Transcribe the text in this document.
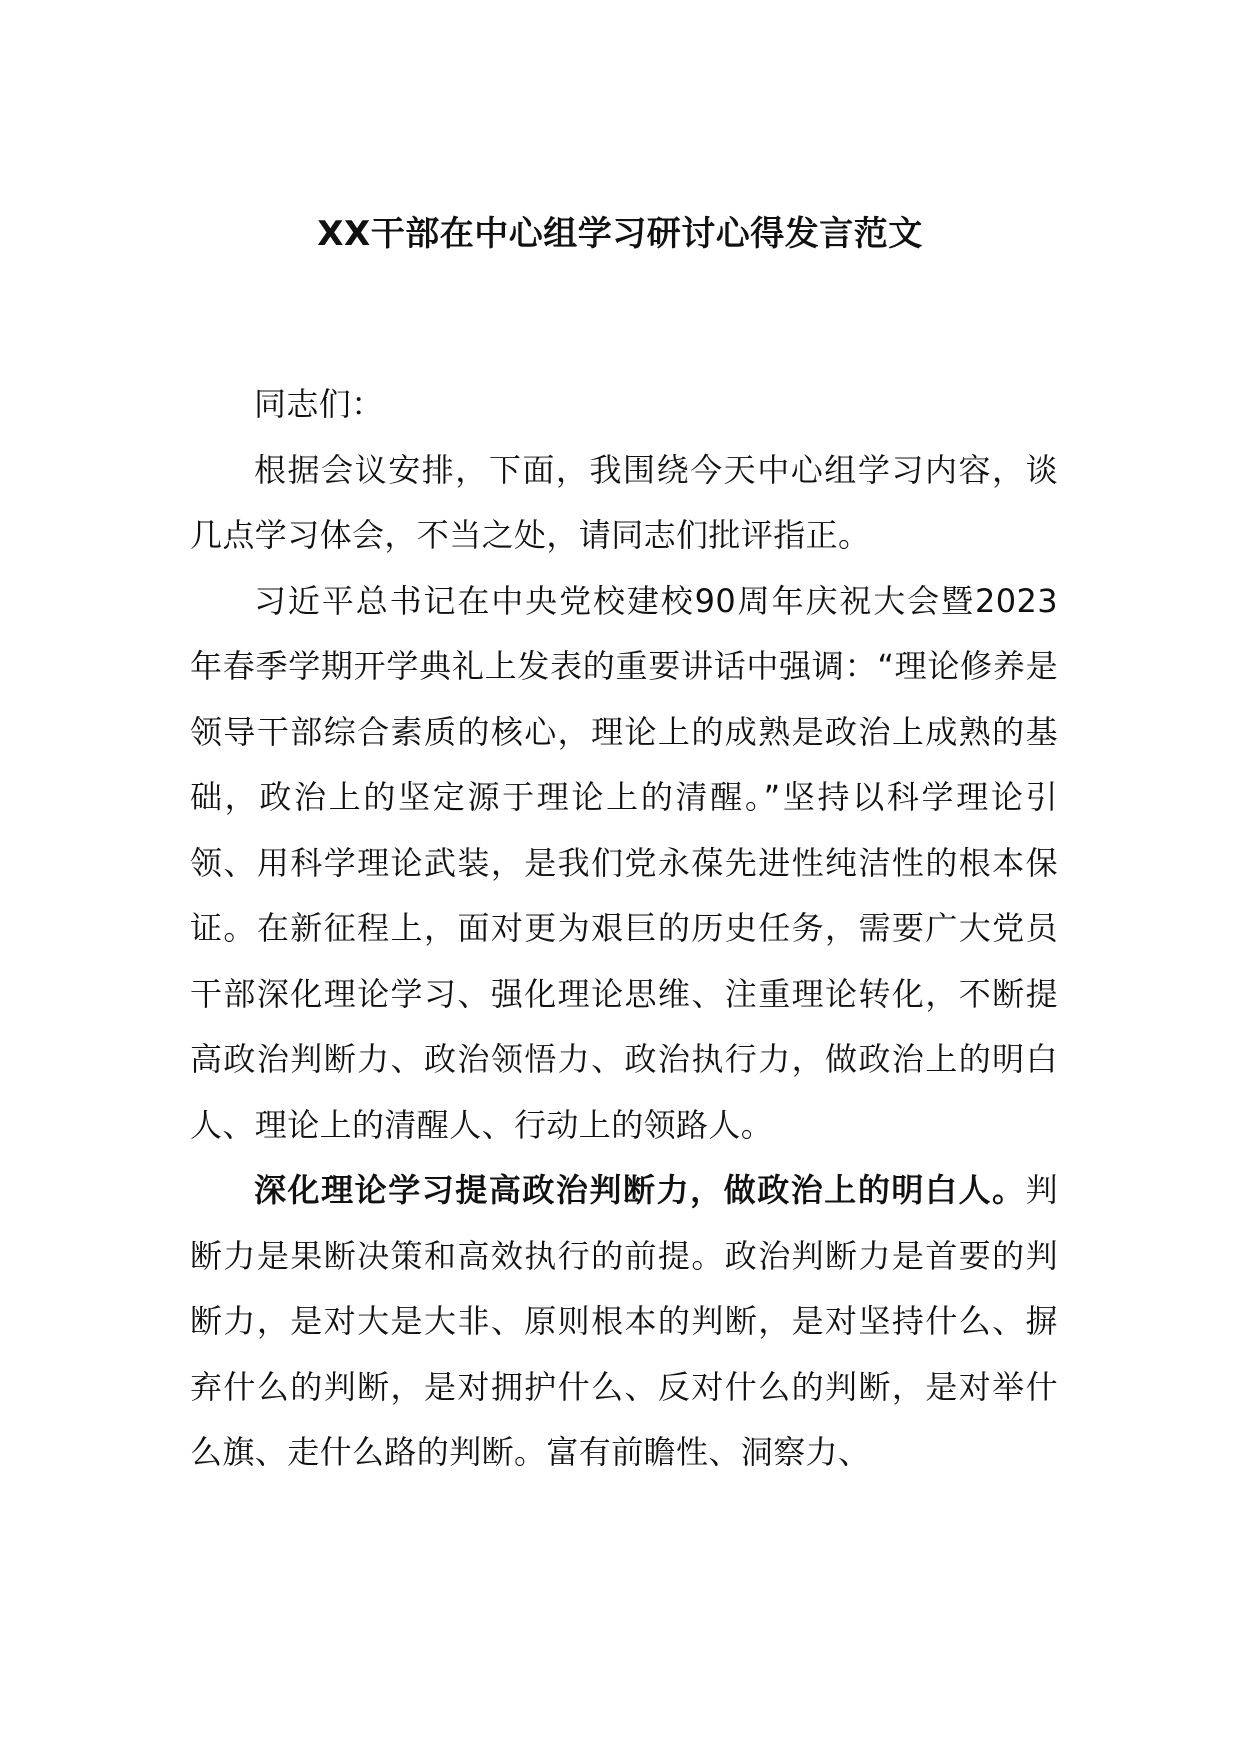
XX干部在中心组学习研讨心得发言范文

同志们：

根据会议安排，下面，我围绕今天中心组学习内容，谈几点学习体会，不当之处，请同志们批评指正。

习近平总书记在中央党校建校90周年庆祝大会暨2023年春季学期开学典礼上发表的重要讲话中强调：“理论修养是领导干部综合素质的核心，理论上的成熟是政治上成熟的基础，政治上的坚定源于理论上的清醒。”坚持以科学理论引领、用科学理论武装，是我们党永葆先进性纯洁性的根本保证。在新征程上，面对更为艰巨的历史任务，需要广大党员干部深化理论学习、强化理论思维、注重理论转化，不断提高政治判断力、政治领悟力、政治执行力，做政治上的明白人、理论上的清醒人、行动上的领路人。

深化理论学习提高政治判断力，做政治上的明白人。判断力是果断决策和高效执行的前提。政治判断力是首要的判断力，是对大是大非、原则根本的判断，是对坚持什么、摒弃什么的判断，是对拥护什么、反对什么的判断，是对举什么旗、走什么路的判断。富有前瞻性、洞察力、
